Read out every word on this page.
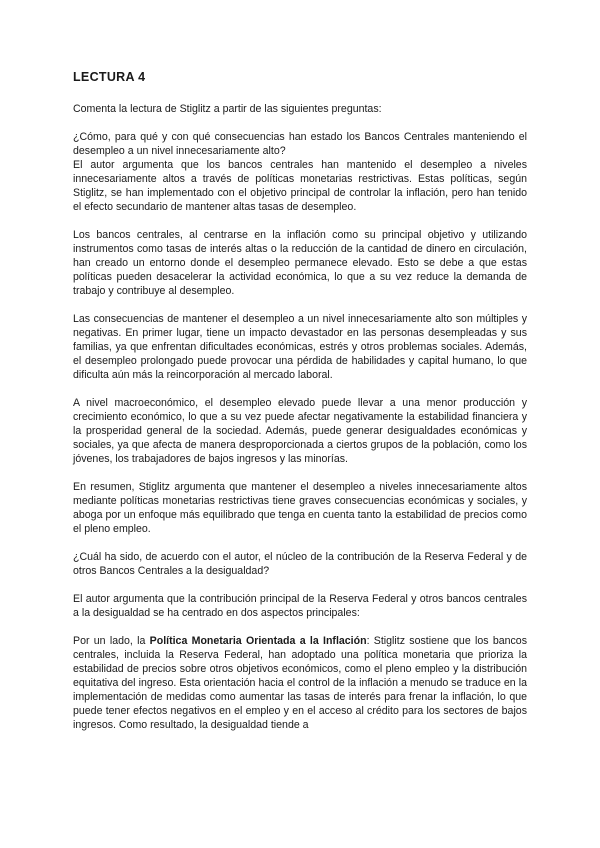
LECTURA 4

Comenta la lectura de Stiglitz a partir de las siguientes preguntas:

¿Cómo, para qué y con qué consecuencias han estado los Bancos Centrales manteniendo el desempleo a un nivel innecesariamente alto?

El autor argumenta que los bancos centrales han mantenido el desempleo a niveles innecesariamente altos a través de políticas monetarias restrictivas. Estas políticas, según Stiglitz, se han implementado con el objetivo principal de controlar la inflación, pero han tenido el efecto secundario de mantener altas tasas de desempleo.

Los bancos centrales, al centrarse en la inflación como su principal objetivo y utilizando instrumentos como tasas de interés altas o la reducción de la cantidad de dinero en circulación, han creado un entorno donde el desempleo permanece elevado. Esto se debe a que estas políticas pueden desacelerar la actividad económica, lo que a su vez reduce la demanda de trabajo y contribuye al desempleo.

Las consecuencias de mantener el desempleo a un nivel innecesariamente alto son múltiples y negativas. En primer lugar, tiene un impacto devastador en las personas desempleadas y sus familias, ya que enfrentan dificultades económicas, estrés y otros problemas sociales. Además, el desempleo prolongado puede provocar una pérdida de habilidades y capital humano, lo que dificulta aún más la reincorporación al mercado laboral.

A nivel macroeconómico, el desempleo elevado puede llevar a una menor producción y crecimiento económico, lo que a su vez puede afectar negativamente la estabilidad financiera y la prosperidad general de la sociedad. Además, puede generar desigualdades económicas y sociales, ya que afecta de manera desproporcionada a ciertos grupos de la población, como los jóvenes, los trabajadores de bajos ingresos y las minorías.

En resumen, Stiglitz argumenta que mantener el desempleo a niveles innecesariamente altos mediante políticas monetarias restrictivas tiene graves consecuencias económicas y sociales, y aboga por un enfoque más equilibrado que tenga en cuenta tanto la estabilidad de precios como el pleno empleo.

¿Cuál ha sido, de acuerdo con el autor, el núcleo de la contribución de la Reserva Federal y de otros Bancos Centrales a la desigualdad?

El autor argumenta que la contribución principal de la Reserva Federal y otros bancos centrales a la desigualdad se ha centrado en dos aspectos principales:

Por un lado, la Política Monetaria Orientada a la Inflación: Stiglitz sostiene que los bancos centrales, incluida la Reserva Federal, han adoptado una política monetaria que prioriza la estabilidad de precios sobre otros objetivos económicos, como el pleno empleo y la distribución equitativa del ingreso. Esta orientación hacia el control de la inflación a menudo se traduce en la implementación de medidas como aumentar las tasas de interés para frenar la inflación, lo que puede tener efectos negativos en el empleo y en el acceso al crédito para los sectores de bajos ingresos. Como resultado, la desigualdad tiende a
